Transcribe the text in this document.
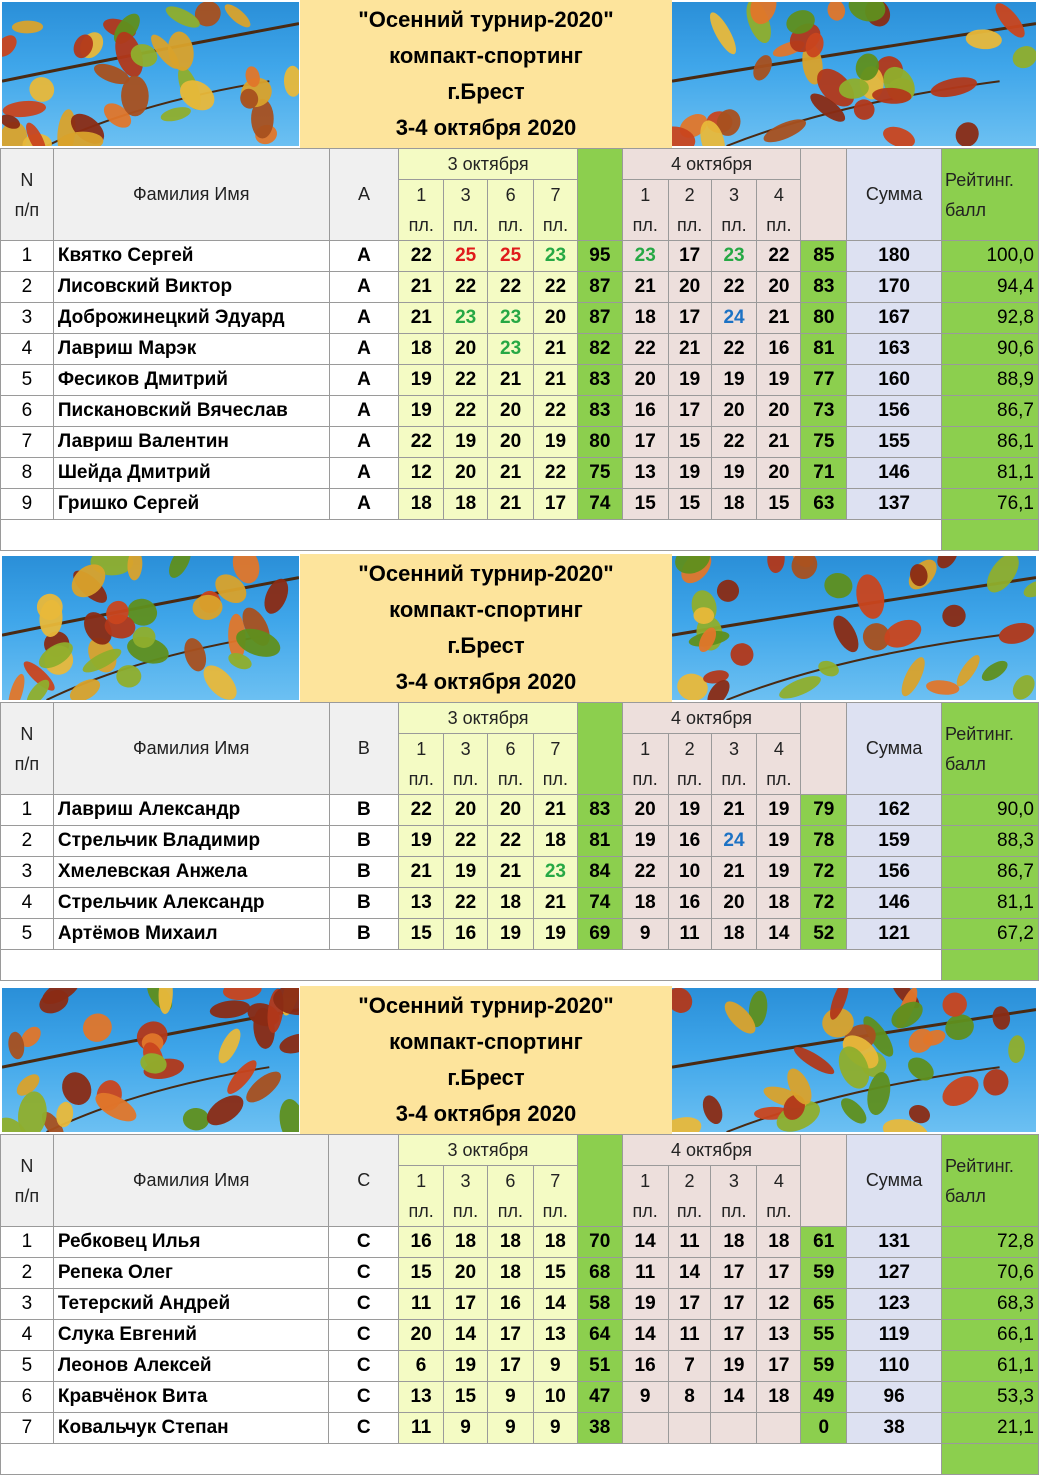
"Осенний турнир-2020"
компакт-спортинг
г.Брест
3-4 октября 2020
N
п/п	Фамилия Имя	A	3 октября					4 октября					Сумма	Рейтинг.
балл

			1	3	6	7		1	2	3	4			
			пл.	пл.	пл.	пл.		пл.	пл.	пл.	пл.			
1	Квятко Сергей	A	22	25	25	23	95	23	17	23	22	85	180	100,0
2	Лисовский Виктор	A	21	22	22	22	87	21	20	22	20	83	170	94,4
3	Доброжинецкий Эдуард	A	21	23	23	20	87	18	17	24	21	80	167	92,8
4	Лавриш Марэк	A	18	20	23	21	82	22	21	22	16	81	163	90,6
5	Фесиков Дмитрий	A	19	22	21	21	83	20	19	19	19	77	160	88,9
6	Пискановский Вячеслав	A	19	22	20	22	83	16	17	20	20	73	156	86,7
7	Лавриш Валентин	A	22	19	20	19	80	17	15	22	21	75	155	86,1
8	Шейда Дмитрий	A	12	20	21	22	75	13	19	19	20	71	146	81,1
9	Гришко Сергей	A	18	18	21	17	74	15	15	18	15	63	137	76,1

"Осенний турнир-2020"
компакт-спортинг
г.Брест
3-4 октября 2020
N
п/п	Фамилия Имя	B	3 октября					4 октября					Сумма	Рейтинг.
балл

			1	3	6	7		1	2	3	4			
			пл.	пл.	пл.	пл.		пл.	пл.	пл.	пл.			
1	Лавриш Александр	B	22	20	20	21	83	20	19	21	19	79	162	90,0
2	Стрельчик Владимир	B	19	22	22	18	81	19	16	24	19	78	159	88,3
3	Хмелевская Анжела	B	21	19	21	23	84	22	10	21	19	72	156	86,7
4	Стрельчик Александр	B	13	22	18	21	74	18	16	20	18	72	146	81,1
5	Артёмов Михаил	B	15	16	19	19	69	9	11	18	14	52	121	67,2

"Осенний турнир-2020"
компакт-спортинг
г.Брест
3-4 октября 2020
N
п/п	Фамилия Имя	C	3 октября					4 октября					Сумма	Рейтинг.
балл

			1	3	6	7		1	2	3	4			
			пл.	пл.	пл.	пл.		пл.	пл.	пл.	пл.			
1	Ребковец Илья	C	16	18	18	18	70	14	11	18	18	61	131	72,8
2	Репека Олег	C	15	20	18	15	68	11	14	17	17	59	127	70,6
3	Тетерский Андрей	C	11	17	16	14	58	19	17	17	12	65	123	68,3
4	Слука Евгений	C	20	14	17	13	64	14	11	17	13	55	119	66,1
5	Леонов Алексей	C	6	19	17	9	51	16	7	19	17	59	110	61,1
6	Кравчёнок Вита	C	13	15	9	10	47	9	8	14	18	49	96	53,3
7	Ковальчук Степан	C	11	9	9	9	38					0	38	21,1
